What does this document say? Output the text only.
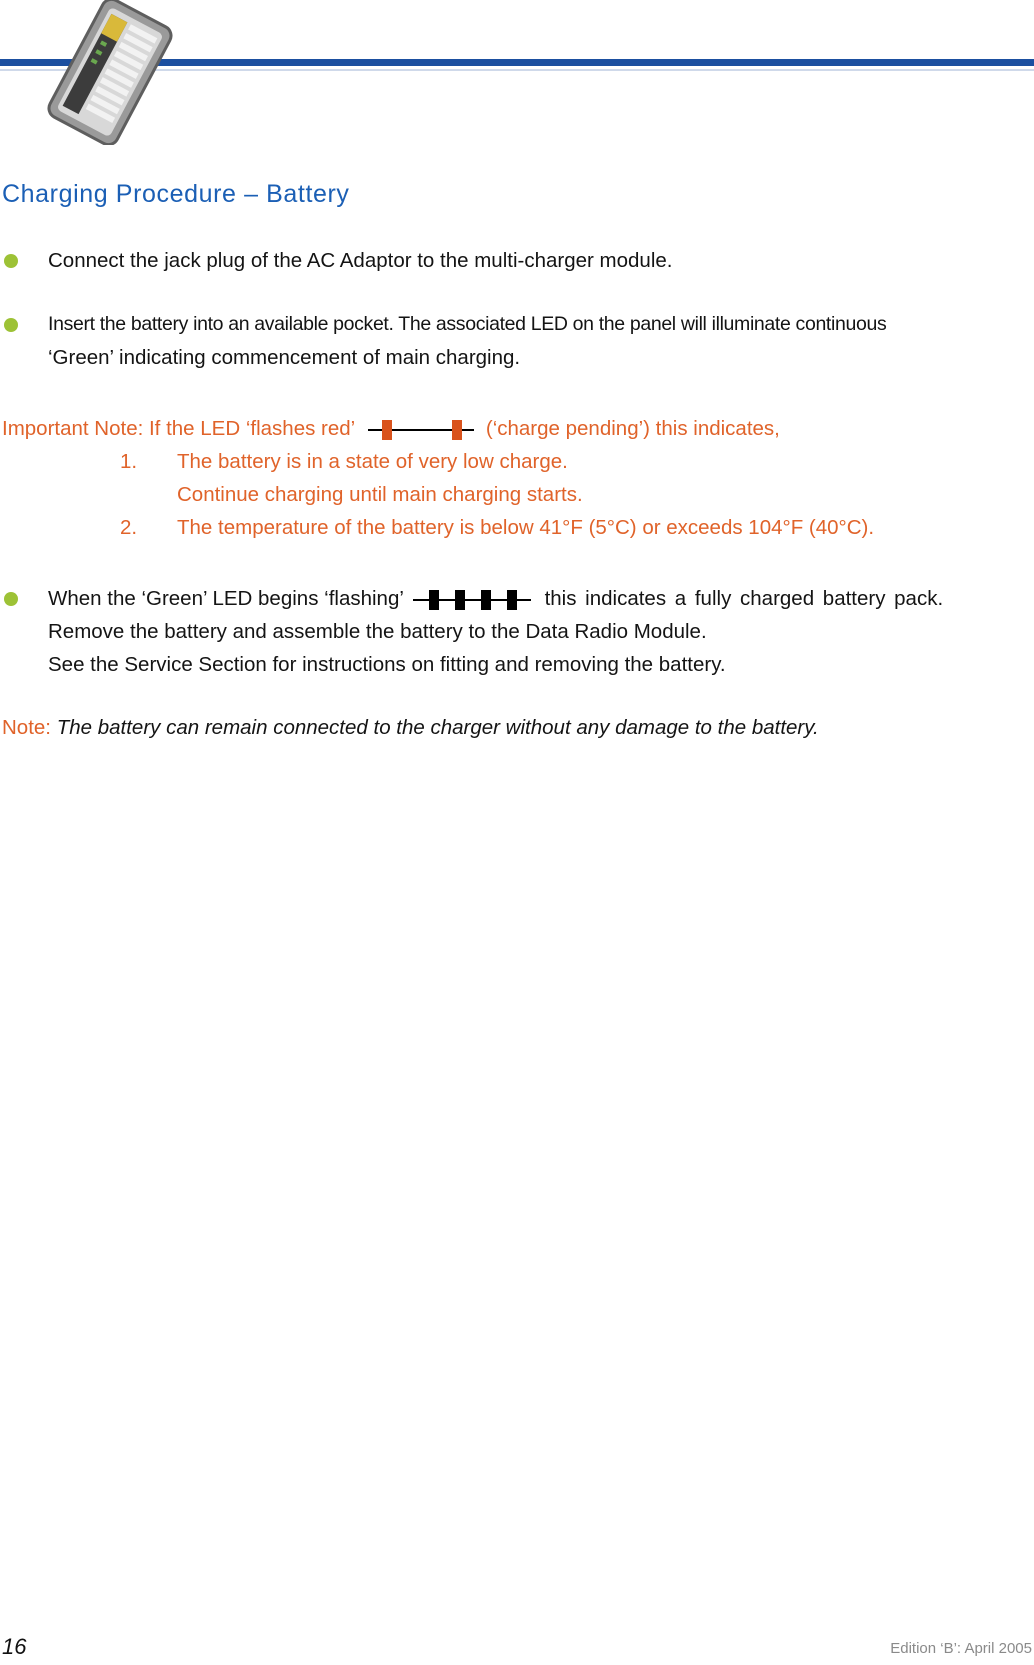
Charging Procedure – Battery
Connect the jack plug of the AC Adaptor to the multi-charger module.
Insert the battery into an available pocket. The associated LED on the panel will illuminate continuous
‘Green’ indicating commencement of main charging.
Important Note: If the LED ‘flashes red’	(‘charge pending’) this indicates,
1. The battery is in a state of very low charge.
Continue charging until main charging starts.
2. The temperature of the battery is below 41°F (5°C) or exceeds 104°F (40°C).
When the ‘Green’ LED begins ‘flashing’	this indicates a fully charged battery pack.
Remove the battery and assemble the battery to the Data Radio Module.
See the Service Section for instructions on fitting and removing the battery.
Note: The battery can remain connected to the charger without any damage to the battery.
16	Edition ‘B’: April 2005
